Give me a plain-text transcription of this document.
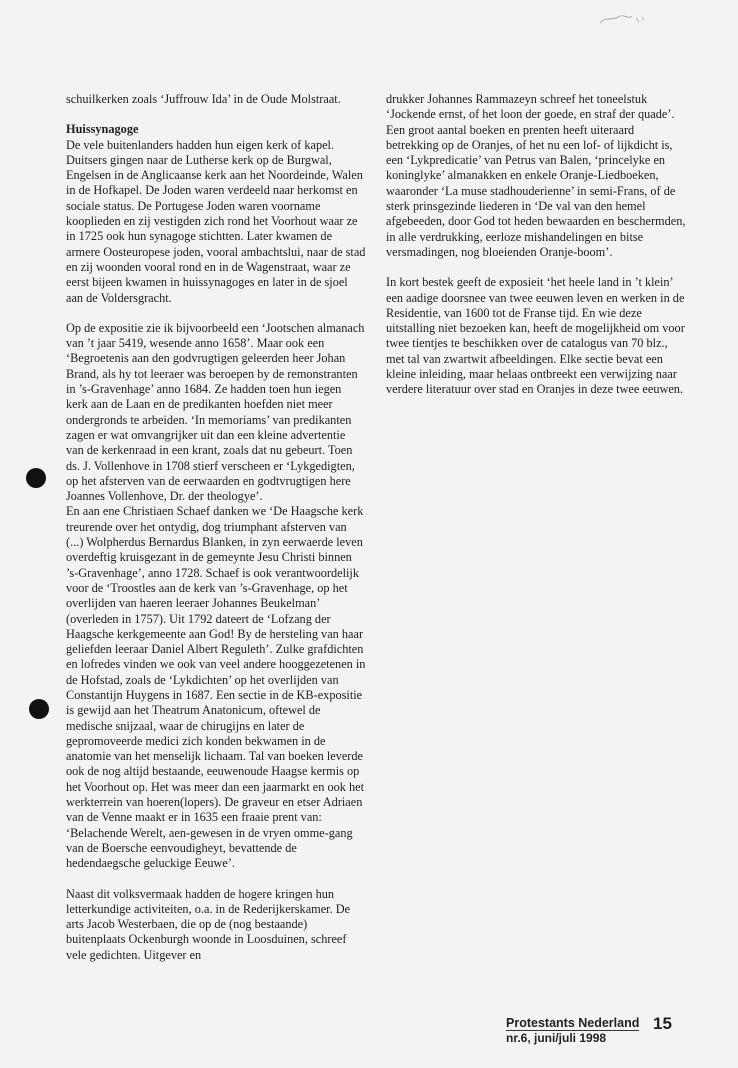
schuilkerken zoals ‘Juffrouw Ida’ in de Oude Molstraat.

Huissynagoge

De vele buitenlanders hadden hun eigen kerk of kapel. Duitsers gingen naar de Lutherse kerk op de Burgwal, Engelsen in de Anglicaanse kerk aan het Noordeinde, Walen in de Hofkapel. De Joden waren verdeeld naar herkomst en sociale status. De Portugese Joden waren voorname kooplieden en zij vestigden zich rond het Voorhout waar ze in 1725 ook hun synagoge stichtten. Later kwamen de armere Oosteuropese joden, vooral ambachtslui, naar de stad en zij woonden vooral rond en in de Wagenstraat, waar ze eerst bijeen kwamen in huissynagoges en later in de sjoel aan de Voldersgracht.

Op de expositie zie ik bijvoorbeeld een ‘Jootschen almanach van ’t jaar 5419, wesende anno 1658’. Maar ook een ‘Begroetenis aan den godvrugtigen geleerden heer Johan Brand, als hy tot leeraer was beroepen by de remonstranten in ’s-Gravenhage’ anno 1684. Ze hadden toen hun iegen kerk aan de Laan en de predikanten hoefden niet meer ondergronds te arbeiden. ‘In memoriams’ van predikanten zagen er wat omvangrijker uit dan een kleine advertentie van de kerkenraad in een krant, zoals dat nu gebeurt. Toen ds. J. Vollenhove in 1708 stierf verscheen er ‘Lykgedigten, op het afsterven van de eerwaarden en godtvrugtigen here Joannes Vollenhove, Dr. der theologye’.

En aan ene Christiaen Schaef danken we ‘De Haagsche kerk treurende over het ontydig, dog triumphant afsterven van (...) Wolpherdus Bernardus Blanken, in zyn eerwaerde leven overdeftig kruisgezant in de gemeynte Jesu Christi binnen ’s-Gravenhage’, anno 1728. Schaef is ook verantwoordelijk voor de ‘Troostles aan de kerk van ’s-Gravenhage, op het overlijden van haeren leeraer Johannes Beukelman’ (overleden in 1757). Uit 1792 dateert de ‘Lofzang der Haagsche kerkgemeente aan God! By de hersteling van haar geliefden leeraar Daniel Albert Reguleth’. Zulke grafdichten en lofredes vinden we ook van veel andere hooggezetenen in de Hofstad, zoals de ‘Lykdichten’ op het overlijden van Constantijn Huygens in 1687. Een sectie in de KB-expositie is gewijd aan het Theatrum Anatonicum, oftewel de medische snijzaal, waar de chirugijns en later de gepromoveerde medici zich konden bekwamen in de anatomie van het menselijk lichaam. Tal van boeken leverde ook de nog altijd bestaande, eeuwenoude Haagse kermis op het Voorhout op. Het was meer dan een jaarmarkt en ook het werkterrein van hoeren(lopers). De graveur en etser Adriaen van de Venne maakt er in 1635 een fraaie prent van: ‘Belachende Werelt, aen-gewesen in de vryen omme-gang van de Boersche eenvoudigheyt, bevattende de hedendaegsche geluckige Eeuwe’.

Naast dit volksvermaak hadden de hogere kringen hun letterkundige activiteiten, o.a. in de Rederijkerskamer. De arts Jacob Westerbaen, die op de (nog bestaande) buitenplaats Ockenburgh woonde in Loosduinen, schreef vele gedichten. Uitgever en

drukker Johannes Rammazeyn schreef het toneelstuk ‘Jockende ernst, of het loon der goede, en straf der quade’. Een groot aantal boeken en prenten heeft uiteraard betrekking op de Oranjes, of het nu een lof- of lijkdicht is, een ‘Lykpredicatie’ van Petrus van Balen, ‘princelyke en koninglyke’ almanakken en enkele Oranje-Liedboeken, waaronder ‘La muse stadhouderienne’ in semi-Frans, of de sterk prinsgezinde liederen in ‘De val van den hemel afgebeeden, door God tot heden bewaarden en beschermden, in alle verdrukking, eerloze mishandelingen en bitse versmadingen, nog bloeienden Oranje-boom’.

In kort bestek geeft de exposieit ‘het heele land in ’t klein’ een aadige doorsnee van twee eeuwen leven en werken in de Residentie, van 1600 tot de Franse tijd. En wie deze uitstalling niet bezoeken kan, heeft de mogelijkheid om voor twee tientjes te beschikken over de catalogus van 70 blz., met tal van zwartwit afbeeldingen. Elke sectie bevat een kleine inleiding, maar helaas ontbreekt een verwijzing naar verdere literatuur over stad en Oranjes in deze twee eeuwen.

Protestants Nederland
nr.6, juni/juli 1998
15
